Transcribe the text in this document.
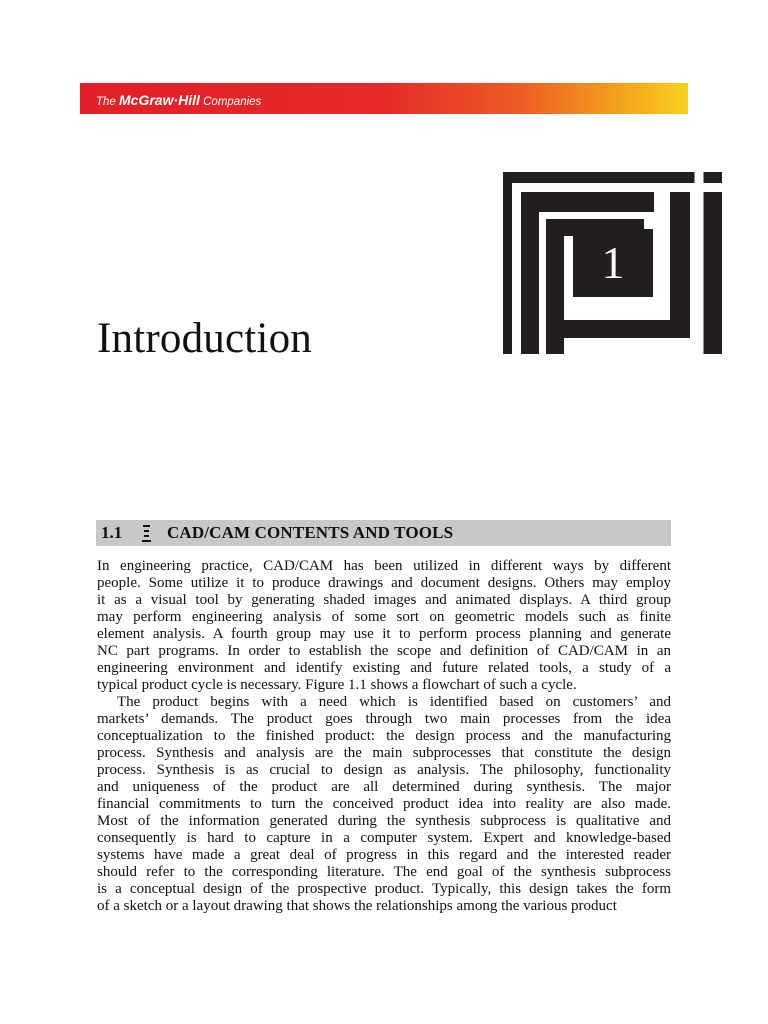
The McGraw·Hill Companies
1
Introduction
1.1	CAD/CAM CONTENTS AND TOOLS
In engineering practice, CAD/CAM has been utilized in different ways by different
people. Some utilize it to produce drawings and document designs. Others may employ
it as a visual tool by generating shaded images and animated displays. A third group
may perform engineering analysis of some sort on geometric models such as finite
element analysis. A fourth group may use it to perform process planning and generate
NC part programs. In order to establish the scope and definition of CAD/CAM in an
engineering environment and identify existing and future related tools, a study of a
typical product cycle is necessary. Figure 1.1 shows a flowchart of such a cycle.
The product begins with a need which is identified based on customers’ and
markets’ demands. The product goes through two main processes from the idea
conceptualization to the finished product: the design process and the manufacturing
process. Synthesis and analysis are the main subprocesses that constitute the design
process. Synthesis is as crucial to design as analysis. The philosophy, functionality
and uniqueness of the product are all determined during synthesis. The major
financial commitments to turn the conceived product idea into reality are also made.
Most of the information generated during the synthesis subprocess is qualitative and
consequently is hard to capture in a computer system. Expert and knowledge-based
systems have made a great deal of progress in this regard and the interested reader
should refer to the corresponding literature. The end goal of the synthesis subprocess
is a conceptual design of the prospective product. Typically, this design takes the form
of a sketch or a layout drawing that shows the relationships among the various product
